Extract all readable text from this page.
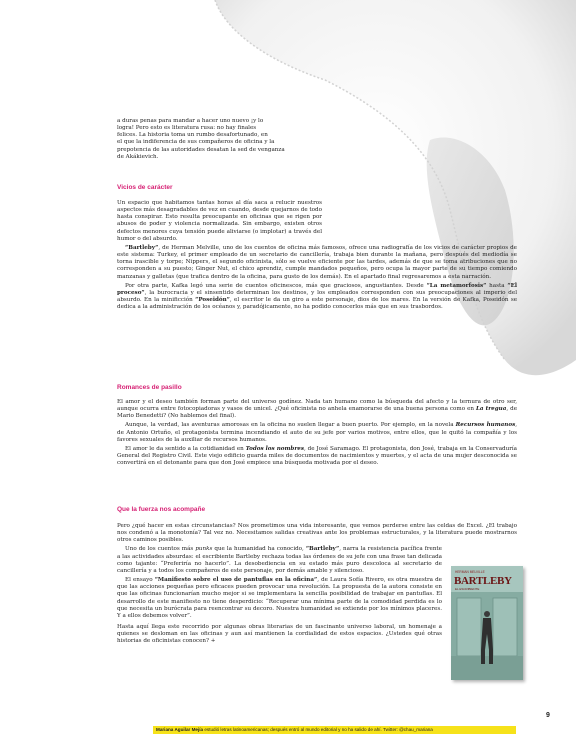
a duras penas para mandar a hacer uno nuevo ¡y lo
logra! Pero esto es literatura rusa: no hay finales
felices. La historia toma un rumbo desafortunado, en
el que la indiferencia de sus compañeros de oficina y la
prepotencia de las autoridades desatan la sed de venganza
de Akákievich.
Vicios de carácter

Un espacio que habitamos tantas horas al día saca a relucir nuestros aspectos más desagradables de vez en cuando, desde quejarnos de todo hasta conspirar. Esto resulta preocupante en oficinas que se rigen por abusos de poder y violencia normalizada. Sin embargo, existen otros defectos menores cuya tensión puede aliviarse (o implotar) a través del humor o del absurdo.

“Bartleby”, de Herman Melville, uno de los cuentos de oficina más famosos, ofrece una radiografía de los vicios de carácter propios de este sistema: Turkey, el primer empleado de un secretario de cancillería, trabaja bien durante la mañana, pero después del mediodía se torna irascible y torpe; Nippers, el segundo oficinista, sólo se vuelve eficiente por las tardes, además de que se toma atribuciones que no corresponden a su puesto; Ginger Nut, el chico aprendiz, cumple mandados pequeños, pero ocupa la mayor parte de su tiempo comiendo manzanas y galletas (que trafica dentro de la oficina, para gusto de los demás). En el apartado final regresaremos a esta narración.

Por otra parte, Kafka legó una serie de cuentos oficinescos, más que graciosos, angustiantes. Desde “La metamorfosis” hasta “El proceso”, la burocracia y el sinsentido determinan los destinos, y los empleados corresponden con sus preocupaciones al imperio del absurdo. En la minificción “Poseidón”, el escritor le da un giro a este personaje, dios de los mares. En la versión de Kafka, Poseidón se dedica a la administración de los océanos y, paradójicamente, no ha podido conocerlos más que en sus trasbordos.

Romances de pasillo

El amor y el deseo también forman parte del universo godínez. Nada tan humano como la búsqueda del afecto y la ternura de otro ser, aunque ocurra entre fotocopiadoras y vasos de unicel. ¿Qué oficinista no anhela enamorarse de una buena persona como en La tregua, de Mario Benedetti? (No hablemos del final).

Aunque, la verdad, las aventuras amorosas en la oficina no suelen llegar a buen puerto. Por ejemplo, en la novela Recursos humanos, de Antonio Ortuño, el protagonista termina incendiando el auto de su jefe por varios motivos, entre ellos, que le quitó la compañía y los favores sexuales de la auxiliar de recursos humanos.

El amor le da sentido a la cotidianidad en Todos los nombres, de José Saramago. El protagonista, don José, trabaja en la Conservaduría General del Registro Civil. Este viejo edificio guarda miles de documentos de nacimientos y muertes, y el acta de una mujer desconocida se convertirá en el detonante para que don José empiece una búsqueda motivada por el deseo.

Que la fuerza nos acompañe

Pero ¿qué hacer en estas circunstancias? Nos prometimos una vida interesante, que vemos perderse entre las celdas de Excel. ¿El trabajo nos condenó a la monotonía? Tal vez no. Necesitamos salidas creativas ante los problemas estructurales, y la literatura puede mostrarnos otros caminos posibles.

Uno de los cuentos más punks que la humanidad ha conocido, “Bartleby”, narra la resistencia pacífica frente a las actividades absurdas: el escribiente Bartleby rechaza todas las órdenes de su jefe con una frase tan delicada como tajante: “Preferiría no hacerlo”. La desobediencia en su estado más puro descoloca al secretario de cancillería y a todos los compañeros de este personaje, por demás amable y silencioso.

El ensayo “Manifiesto sobre el uso de pantuflas en la oficina”, de Laura Sofía Rivero, es otra muestra de que las acciones pequeñas pero eficaces pueden provocar una revolución. La propuesta de la autora consiste en que las oficinas funcionarían mucho mejor si se implementara la sencilla posibilidad de trabajar en pantuflas. El desarrollo de este manifiesto no tiene desperdicio: “Recuperar una mínima parte de la comodidad perdida es lo que necesita un burócrata para reencontrar su decoro. Nuestra humanidad se extiende por los mínimos placeres. Y a ellos debemos volver”.

Hasta aquí llega este recorrido por algunas obras literarias de un fascinante universo laboral, un homenaje a quienes se desloman en las oficinas y aun así mantienen la cordialidad de estos espacios. ¿Ustedes qué otras historias de oficinistas conocen? +

HERMAN MELVILLE
BARTLEBY
EL ESCRIBIENTE
9
Mariana Aguilar Mejía estudió letras latinoamericanas; después entró al mundo editorial y no ha salido de ahí. Twitter: @chau_mariana
